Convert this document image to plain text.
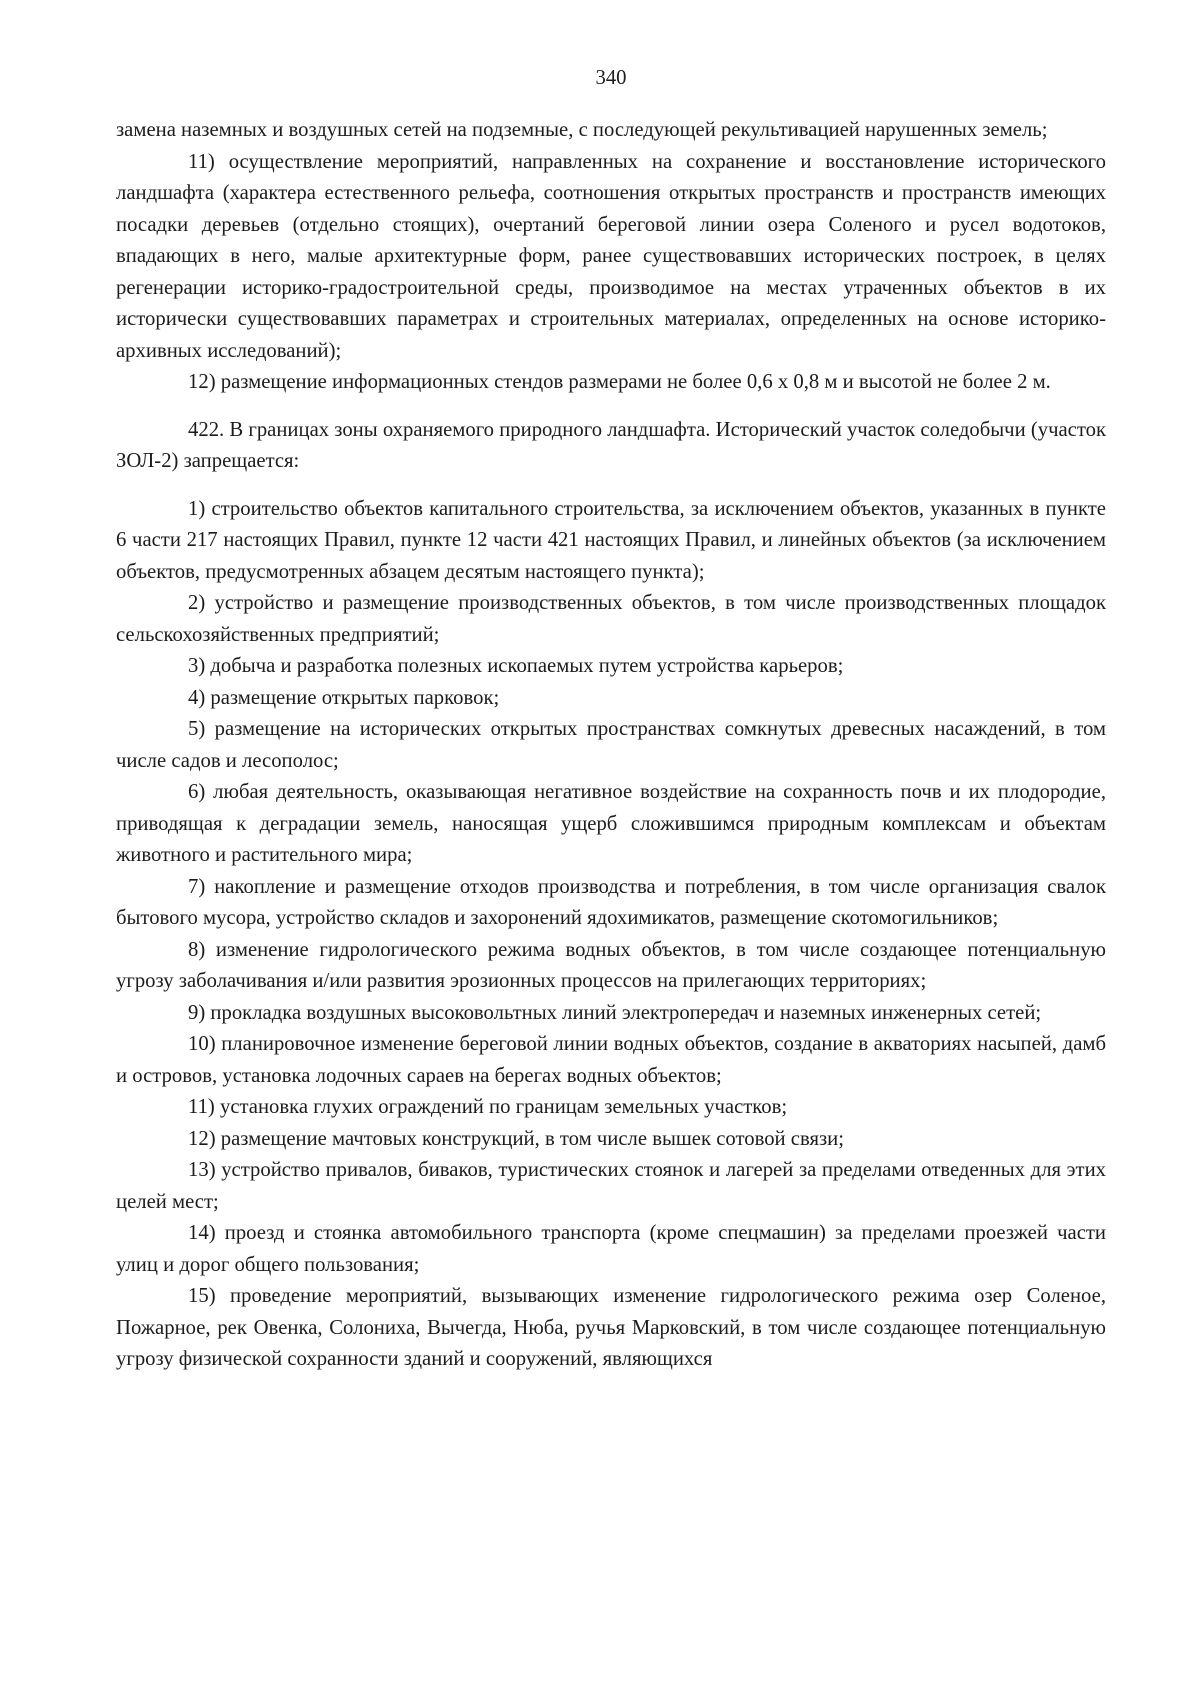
340

замена наземных и воздушных сетей на подземные, с последующей рекультивацией нарушенных земель;

11) осуществление мероприятий, направленных на сохранение и восстановление исторического ландшафта (характера естественного рельефа, соотношения открытых пространств и пространств имеющих посадки деревьев (отдельно стоящих), очертаний береговой линии озера Соленого и русел водотоков, впадающих в него, малые архитектурные форм, ранее существовавших исторических построек, в целях регенерации историко-градостроительной среды, производимое на местах утраченных объектов в их исторически существовавших параметрах и строительных материалах, определенных на основе историко-архивных исследований);

12) размещение информационных стендов размерами не более 0,6 х 0,8 м и высотой не более 2 м.

422. В границах зоны охраняемого природного ландшафта. Исторический участок соледобычи (участок ЗОЛ-2) запрещается:

1) строительство объектов капитального строительства, за исключением объектов, указанных в пункте 6 части 217 настоящих Правил, пункте 12 части 421 настоящих Правил, и линейных объектов (за исключением объектов, предусмотренных абзацем десятым настоящего пункта);

2) устройство и размещение производственных объектов, в том числе производственных площадок сельскохозяйственных предприятий;

3) добыча и разработка полезных ископаемых путем устройства карьеров;

4) размещение открытых парковок;

5) размещение на исторических открытых пространствах сомкнутых древесных насаждений, в том числе садов и лесополос;

6) любая деятельность, оказывающая негативное воздействие на сохранность почв и их плодородие, приводящая к деградации земель, наносящая ущерб сложившимся природным комплексам и объектам животного и растительного мира;

7) накопление и размещение отходов производства и потребления, в том числе организация свалок бытового мусора, устройство складов и захоронений ядохимикатов, размещение скотомогильников;

8) изменение гидрологического режима водных объектов, в том числе создающее потенциальную угрозу заболачивания и/или развития эрозионных процессов на прилегающих территориях;

9) прокладка воздушных высоковольтных линий электропередач и наземных инженерных сетей;

10) планировочное изменение береговой линии водных объектов, создание в акваториях насыпей, дамб и островов, установка лодочных сараев на берегах водных объектов;

11) установка глухих ограждений по границам земельных участков;

12) размещение мачтовых конструкций, в том числе вышек сотовой связи;

13) устройство привалов, биваков, туристических стоянок и лагерей за пределами отведенных для этих целей мест;

14) проезд и стоянка автомобильного транспорта (кроме спецмашин) за пределами проезжей части улиц и дорог общего пользования;

15) проведение мероприятий, вызывающих изменение гидрологического режима озер Соленое, Пожарное, рек Овенка, Солониха, Вычегда, Нюба, ручья Марковский, в том числе создающее потенциальную угрозу физической сохранности зданий и сооружений, являющихся
